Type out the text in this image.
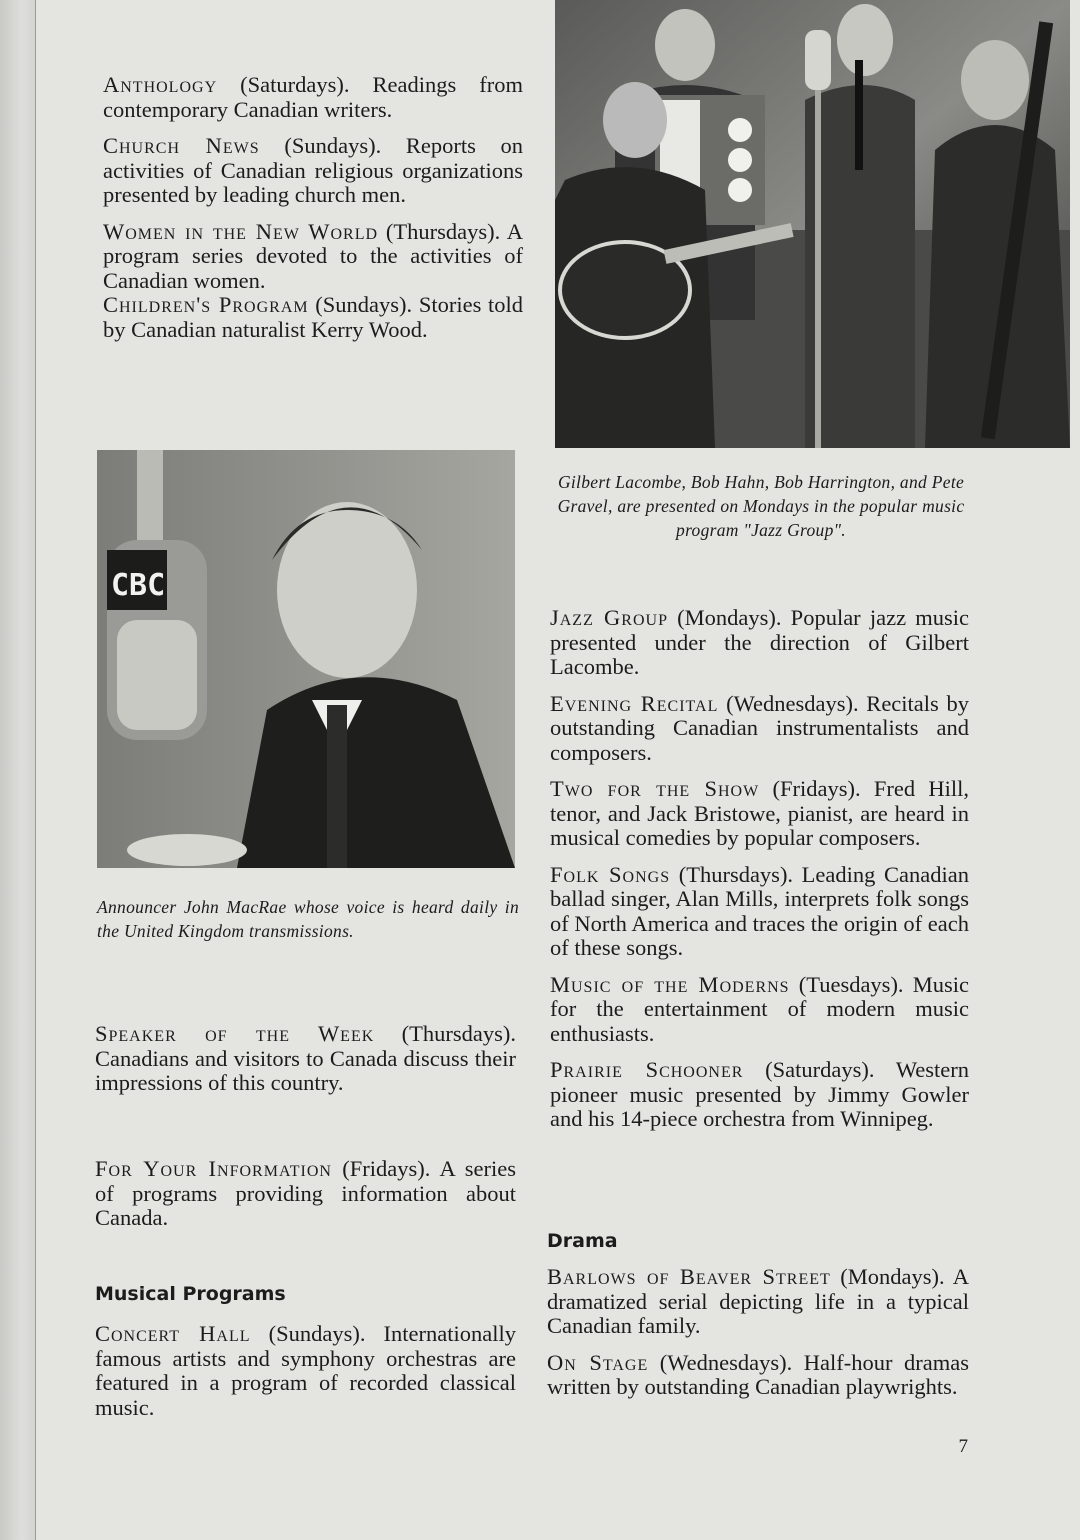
Anthology (Saturdays). Readings from contemporary Canadian writers.

Church News (Sundays). Reports on activities of Canadian religious organizations presented by leading church men.

Women in the New World (Thursdays). A program series devoted to the activities of Canadian women.

Children's Program (Sundays). Stories told by Canadian naturalist Kerry Wood.

Gilbert Lacombe, Bob Hahn, Bob Harrington, and Pete Gravel, are presented on Mondays in the popular music program "Jazz Group".
CBC
Announcer John MacRae whose voice is heard daily in the United Kingdom transmissions.

Speaker of the Week (Thursdays). Canadians and visitors to Canada discuss their impressions of this country.

For Your Information (Fridays). A series of programs providing information about Canada.

Musical Programs

Concert Hall (Sundays). Internationally famous artists and symphony orchestras are featured in a program of recorded classical music.

Jazz Group (Mondays). Popular jazz music presented under the direction of Gilbert Lacombe.

Evening Recital (Wednesdays). Recitals by outstanding Canadian instrumentalists and composers.

Two for the Show (Fridays). Fred Hill, tenor, and Jack Bristowe, pianist, are heard in musical comedies by popular composers.

Folk Songs (Thursdays). Leading Canadian ballad singer, Alan Mills, interprets folk songs of North America and traces the origin of each of these songs.

Music of the Moderns (Tuesdays). Music for the entertainment of modern music enthusiasts.

Prairie Schooner (Saturdays). Western pioneer music presented by Jimmy Gowler and his 14-piece orchestra from Winnipeg.

Drama

Barlows of Beaver Street (Mondays). A dramatized serial depicting life in a typical Canadian family.

On Stage (Wednesdays). Half-hour dramas written by outstanding Canadian playwrights.

7
